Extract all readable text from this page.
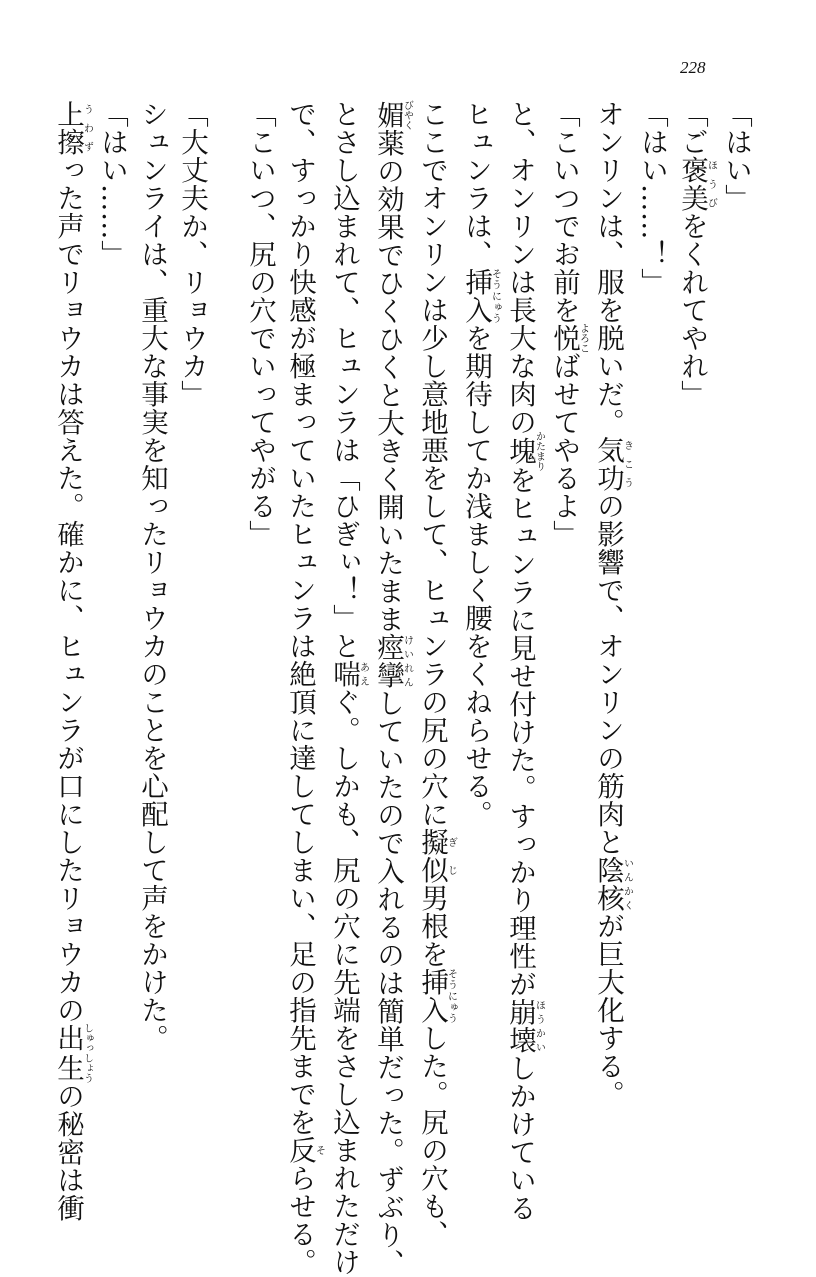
228
「はい」
「ご褒美ほうびをくれてやれ」
「はい……！」
オンリンは、服を脱いだ。気功きこうの影響で、オンリンの筋肉と陰核いんかくが巨大化する。
「こいつでお前を悦よろこばせてやるよ」
と、オンリンは長大な肉の塊かたまりをヒュンラに見せ付けた。すっかり理性が崩壊ほうかいしかけている
ヒュンラは、挿入そうにゅうを期待してか浅ましく腰をくねらせる。
ここでオンリンは少し意地悪をして、ヒュンラの尻の穴に擬似ぎじ男根を挿入そうにゅうした。尻の穴も、
媚びやく薬の効果でひくひくと大きく開いたまま痙攣けいれんしていたので入れるのは簡単だった。ずぶり、
とさし込まれて、ヒュンラは「ひぎぃ！」と喘あえぐ。しかも、尻の穴に先端をさし込まれただけ
で、すっかり快感が極まっていたヒュンラは絶頂に達してしまい、足の指先までを反そらせる。
「こいつ、尻の穴でいってやがる」
「大丈夫か、リョウカ」
シュンライは、重大な事実を知ったリョウカのことを心配して声をかけた。
「はい……」
上擦うわずった声でリョウカは答えた。確かに、ヒュンラが口にしたリョウカの出生しゅっしょうの秘密は衝
